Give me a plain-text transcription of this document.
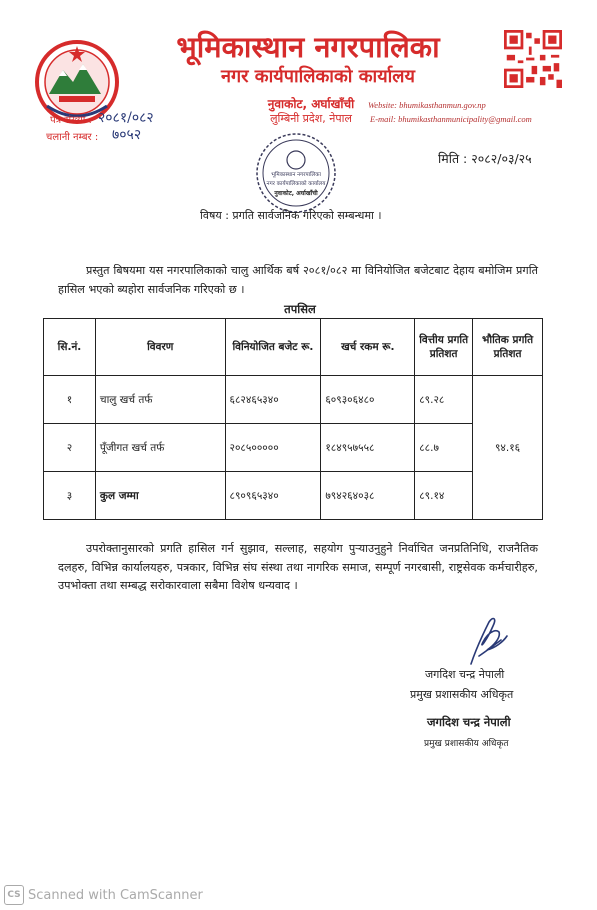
भूमिकास्थान नगरपालिका
नगर कार्यपालिकाको कार्यालय
नुवाकोट, अर्घाखाँची
लुम्बिनी प्रदेश, नेपाल
Website: bhumikasthanmun.gov.np
E-mail: bhumikasthanmunicipality@gmail.com
पत्र संख्या : २०८१/०८२
चलानी नम्बर : ७०५२
मिति : २०८२/०३/२५
भूमिकास्थान नगरपालिका
नगर कार्यपालिकाको कार्यालय
नुवाकोट, अर्घाखाँची
विषय : प्रगति सार्वजनिक गरिएको सम्बन्धमा ।
प्रस्तुत बिषयमा यस नगरपालिकाको चालु आर्थिक बर्ष २०८१/०८२ मा विनियोजित बजेटबाट देहाय बमोजिम प्रगति हासिल भएको ब्यहोरा सार्वजनिक गरिएको छ ।
तपसिल
सि.नं.	विवरण	विनियोजित बजेट रू.	खर्च रकम रू.	वित्तीय प्रगति प्रतिशत	भौतिक प्रगति प्रतिशत
१	चालु खर्च तर्फ	६८२४६५३४०	६०९३०६४८०	८९.२८	९४.१६
२	पूँजीगत खर्च तर्फ	२०८५०००००	१८४९५७५५८	८८.७	
३	कुल जम्मा	८९०९६५३४०	७९४२६४०३८	८९.१४	
उपरोक्तानुसारको प्रगति हासिल गर्न सुझाव, सल्लाह, सहयोग पुर्‍याउनुहुने निर्वाचित जनप्रतिनिधि, राजनैतिक दलहरु, विभिन्न कार्यालयहरु, पत्रकार, विभिन्न संघ संस्था तथा नागरिक समाज, सम्पूर्ण नगरबासी, राष्ट्रसेवक कर्मचारीहरु, उपभोक्ता तथा सम्बद्ध सरोकारवाला सबैमा विशेष धन्यवाद ।
जगदिश चन्द्र नेपाली
प्रमुख प्रशासकीय अधिकृत
जगदिश चन्द्र नेपाली
प्रमुख प्रशासकीय अधिकृत
CS Scanned with CamScanner
